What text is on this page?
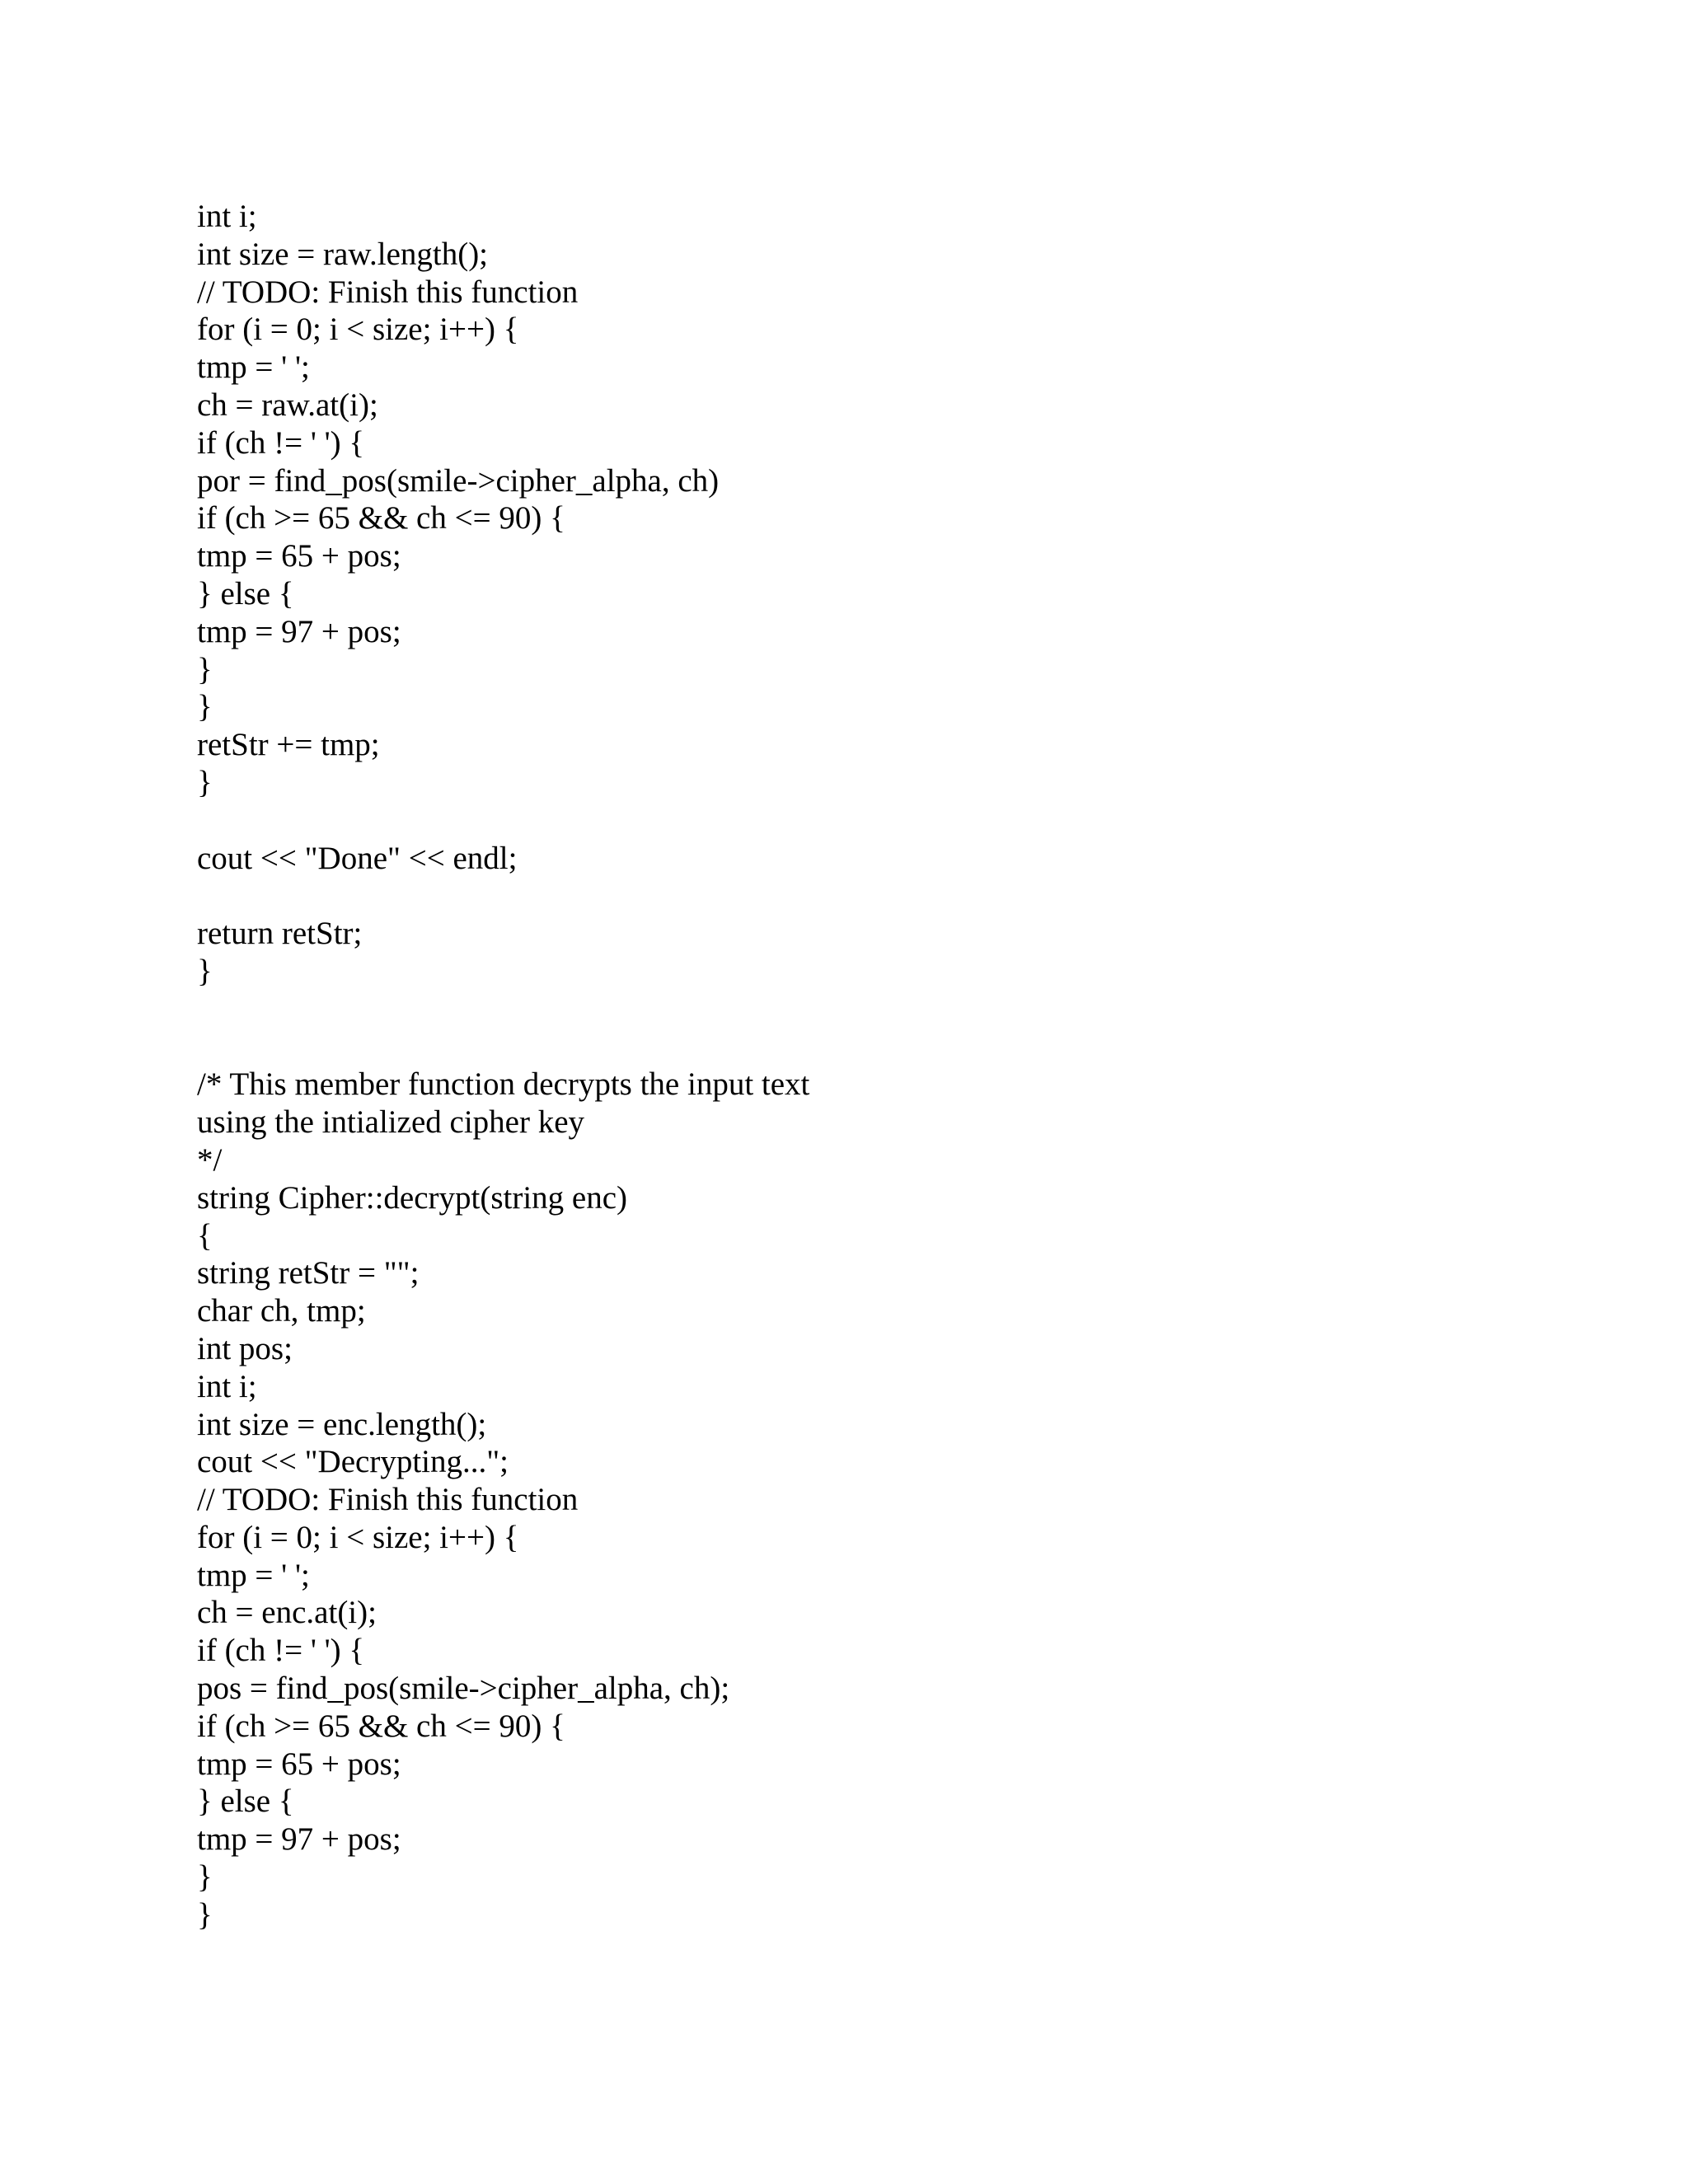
int i;
int size = raw.length();
// TODO: Finish this function
for (i = 0; i < size; i++) {
tmp = ' ';
ch = raw.at(i);
if (ch != ' ') {
por = find_pos(smile->cipher_alpha, ch)
if (ch >= 65 && ch <= 90) {
tmp = 65 + pos;
} else {
tmp = 97 + pos;
}
}
retStr += tmp;
}
cout << "Done" << endl;
return retStr;
}
/* This member function decrypts the input text
using the intialized cipher key
*/
string Cipher::decrypt(string enc)
{
string retStr = "";
char ch, tmp;
int pos;
int i;
int size = enc.length();
cout << "Decrypting...";
// TODO: Finish this function
for (i = 0; i < size; i++) {
tmp = ' ';
ch = enc.at(i);
if (ch != ' ') {
pos = find_pos(smile->cipher_alpha, ch);
if (ch >= 65 && ch <= 90) {
tmp = 65 + pos;
} else {
tmp = 97 + pos;
}
}
